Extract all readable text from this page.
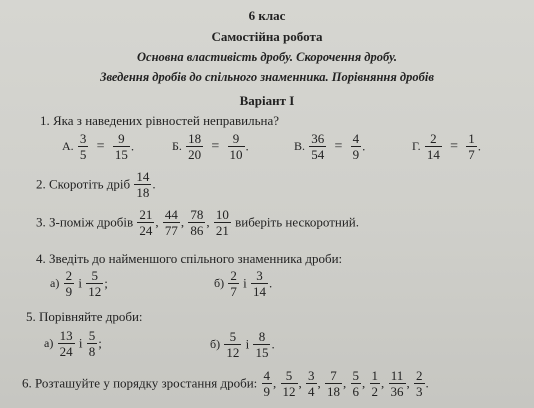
6 клас
Самостійна робота
Основна властивість дробу. Скорочення дробу.
Зведення дробів до спільного знаменника. Порівняння дробів
Варіант І
1. Яка з наведених рівностей неправильна?
А. $\frac{3}{5} = \frac{9}{15}$ .	Б. $\frac{18}{20} = \frac{9}{10}$ .	В. $\frac{36}{54} = \frac{4}{9}$ .	Г. $\frac{2}{14} = \frac{1}{7}$ .
2. Скоротіть дріб $\frac{14}{18}$ .
3. З-поміж дробів $\frac{21}{24}$ , $\frac{44}{77}$ , $\frac{78}{86}$ , $\frac{10}{21}$ виберіть нескоротний.
4. Зведіть до найменшого спільного знаменника дроби:
$а) \frac{2}{9}$ і $\frac{5}{12}$ ;	$б) \frac{2}{7}$ і $\frac{3}{14}$ .
5. Порівняйте дроби:
$а) \frac{13}{24}$ і $\frac{5}{8}$ ;	$б) \frac{5}{12}$ і $\frac{8}{15}$ .
6. Розташуйте у порядку зростання дроби: $\frac{4}{9}$ , $\frac{5}{12}$ , $\frac{3}{4}$ , $\frac{7}{18}$ , $\frac{5}{6}$ , $\frac{1}{2}$ , $\frac{11}{36}$ , $\frac{2}{3}$ .
